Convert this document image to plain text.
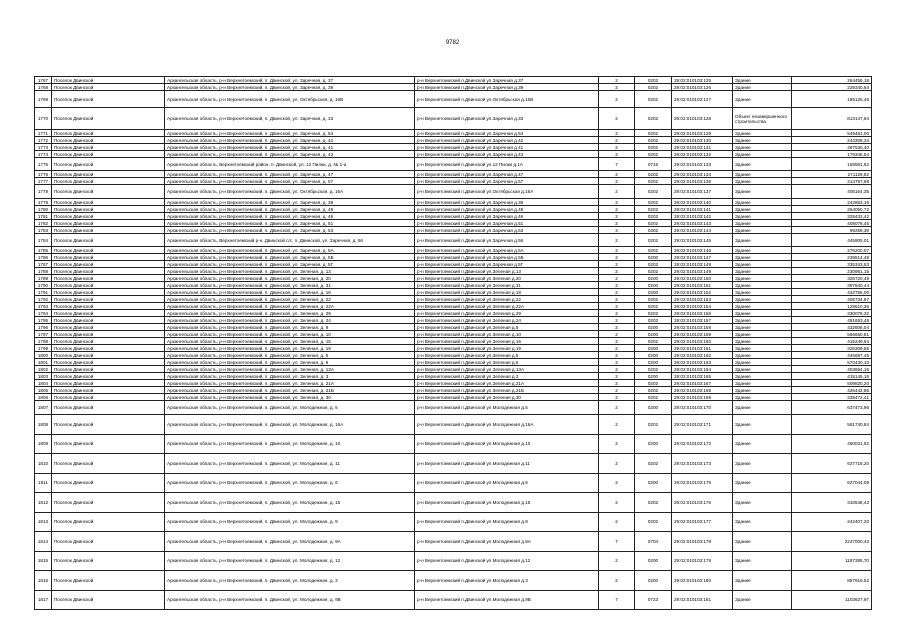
9782
1767	Поселок Двинской	Архангельская область, р-н Верхнетоемский, п. Двинской, ул. Заречная, д. 37	р-н Верхнетоемский п.Двинской ул.Заречная д.37	2	0202	29:02:010103:125	Здание	264455,18
1768	Поселок Двинской	Архангельская область, р-н Верхнетоемский, п. Двинской, ул. Заречная, д. 39	р-н Верхнетоемский п.Двинской ул.Заречная д.39	2	0202	29:02:010103:126	Здание	229340,64
1769	Поселок Двинской	Архангельская область, р-н Верхнетоемский, п. Двинской, ул. Октябрьская, д. 16В	р-н Верхнетоемский п.Двинской ул.Октябрьская д.16В	2	0202	29:02:010103:127	Здание	185125,48
1770	Поселок Двинской	Архангельская область, р-н Верхнетоемский, п. Двинской, ул. Заречная, д. 33	р-н Верхнетоемский п.Двинской ул.Заречная д.33	2	0202	29:02:010103:128	Объект незавершенного строительства	813147,84
1771	Поселок Двинской	Архангельская область, р-н Верхнетоемский, п. Двинской, ул. Заречная, д. 54	р-н Верхнетоемский п.Двинской ул.Заречная д.54	2	0202	29:02:010103:129	Здание	549461,00
1772	Поселок Двинской	Архангельская область, р-н Верхнетоемский, п. Двинской, ул. Заречная, д. 42	р-н Верхнетоемский п.Двинской ул.Заречная д.42	2	0202	29:02:010103:130	Здание	243308,34
1773	Поселок Двинской	Архангельская область, р-н Верхнетоемский, п. Двинской, ул. Заречная, д. 41	р-н Верхнетоемский п.Двинской ул.Заречная д.41	2	0202	29:02:010103:131	Здание	497530,40
1774	Поселок Двинской	Архангельская область, р-н Верхнетоемский, п. Двинской, ул. Заречная, д. 43	р-н Верхнетоемский п.Двинской ул.Заречная д.43	2	0202	29:02:010103:132	Здание	179345,54
1775	Поселок Двинской	Архангельская область, Верхнетоемский район, п. Двинской, ул. 12 Пилки, д. № 1-а	р-н Верхнетоемский п.Двинской ул.12 Пилки д.1А	7	0715	29:02:010103:133	Здание	159581,62
1776	Поселок Двинской	Архангельская область, р-н Верхнетоемский, п. Двинской, ул. Заречная, д. 47	р-н Верхнетоемский п.Двинской ул.Заречная д.47	2	0202	29:02:010103:134	Здание	271129,82
1777	Поселок Двинской	Архангельская область, р-н Верхнетоемский, п. Двинской, ул. Заречная, д. 57	р-н Верхнетоемский п.Двинской ул.Заречная д.57	2	0202	29:02:010103:136	Здание	214787,68
1778	Поселок Двинской	Архангельская область, р-н Верхнетоемский, п. Двинской, ул. Октябрьская, д. 16А	р-н Верхнетоемский п.Двинской ул.Октябрьская д.16А	2	0202	29:02:010103:137	Здание	405164,35
1779	Поселок Двинской	Архангельская область, р-н Верхнетоемский, п. Двинской, ул. Заречная, д. 38	р-н Верхнетоемский п.Двинской ул.Заречная д.38	2	0202	29:02:010103:140	Здание	242863,16
1780	Поселок Двинской	Архангельская область, р-н Верхнетоемский, п. Двинской, ул. Заречная, д. 48	р-н Верхнетоемский п.Двинской ул.Заречная д.48	2	0202	29:02:010103:141	Здание	264050,72
1781	Поселок Двинской	Архангельская область, р-н Верхнетоемский, п. Двинской, ул. Заречная, д. 46	р-н Верхнетоемский п.Двинской ул.Заречная д.46	2	0202	29:02:010103:142	Здание	328433,42
1782	Поселок Двинской	Архангельская область, р-н Верхнетоемский, п. Двинской, ул. Заречная, д. 51	р-н Верхнетоемский п.Двинской ул.Заречная д.51	2	0202	29:02:010103:143	Здание	408078,45
1783	Поселок Двинской	Архангельская область, р-н Верхнетоемский, п. Двинской, ул. Заречная, д. 53	р-н Верхнетоемский п.Двинской ул.Заречная д.53	3	0302	29:02:010103:144	Здание	99259,39
1784	Поселок Двинской	Архангельская область, Верхнетоемский р-н, Двинской с/с, п. Двинской, ул. Заречная, д. 56	р-н Верхнетоемский п.Двинской ул.Заречная д.56	2	0202	29:02:010103:145	Здание	445905,01
1785	Поселок Двинской	Архангельская область, р-н Верхнетоемский, п. Двинской, ул. Заречная, д. 5А	р-н Верхнетоемский п.Двинской ул.Заречная д.5А	2	0202	29:02:010103:146	Здание	276200,07
1786	Поселок Двинской	Архангельская область, р-н Верхнетоемский, п. Двинской, ул. Заречная, д. 5Б	р-н Верхнетоемский п.Двинской ул.Заречная д.5Б	2	0200	29:02:010103:147	Здание	239514,49
1787	Поселок Двинской	Архангельская область, р-н Верхнетоемский, п. Двинской, ул. Заречная, д. 5Г	р-н Верхнетоемский п.Двинской ул.Заречная д.5Г	2	0202	29:02:010103:148	Здание	335343,53
1788	Поселок Двинской	Архангельская область, р-н Верхнетоемский, п. Двинской, ул. Зеленая, д. 13	р-н Верхнетоемский п.Двинской ул.Зеленая д.13	2	0202	29:02:010103:149	Здание	230951,15
1789	Поселок Двинской	Архангельская область, р-н Верхнетоемский, п. Двинской, ул. Зеленая, д. 20	р-н Верхнетоемский п.Двинской ул.Зеленая д.20	2	0200	29:02:010103:150	Здание	326720,49
1790	Поселок Двинской	Архангельская область, р-н Верхнетоемский, п. Двинской, ул. Зеленая, д. 31	р-н Верхнетоемский п.Двинской ул.Зеленая д.31	2	0200	29:02:010103:151	Здание	397840,44
1791	Поселок Двинской	Архангельская область, р-н Верхнетоемский, п. Двинской, ул. Зеленая, д. 18	р-н Верхнетоемский п.Двинской ул.Зеленая д.18	2	0200	29:02:010103:152	Здание	432755,00
1792	Поселок Двинской	Архангельская область, р-н Верхнетоемский, п. Двинской, ул. Зеленая, д. 22	р-н Верхнетоемский п.Двинской ул.Зеленая д.22	2	0202	29:02:010103:153	Здание	405734,87
1793	Поселок Двинской	Архангельская область, р-н Верхнетоемский, п. Двинской, ул. Зеленая, д. 22А	р-н Верхнетоемский п.Двинской ул.Зеленая д.22А	2	0202	29:02:010103:154	Здание	128510,36
1794	Поселок Двинской	Архангельская область, р-н Верхнетоемский, п. Двинской, ул. Зеленая, д. 29	р-н Верхнетоемский п.Двинской ул.Зеленая д.29	2	0202	29:02:010103:156	Здание	330078,32
1795	Поселок Двинской	Архангельская область, р-н Верхнетоемский, п. Двинской, ул. Зеленая, д. 24	р-н Верхнетоемский п.Двинской ул.Зеленая д.24	2	0202	29:02:010103:157	Здание	491653,48
1796	Поселок Двинской	Архангельская область, р-н Верхнетоемский, п. Двинской, ул. Зеленая, д. 9	р-н Верхнетоемский п.Двинской ул.Зеленая д.9	2	0200	29:02:010103:158	Здание	432608,04
1797	Поселок Двинской	Архангельская область, р-н Верхнетоемский, п. Двинской, ул. Зеленая, д. 10	р-н Верхнетоемский п.Двинской ул.Зеленая д.10	2	0200	29:02:010103:159	Здание	566650,81
1798	Поселок Двинской	Архангельская область, р-н Верхнетоемский, п. Двинской, ул. Зеленая, д. 15	р-н Верхнетоемский п.Двинской ул.Зеленая д.15	2	0202	29:02:010103:160	Здание	415249,64
1799	Поселок Двинской	Архангельская область, р-н Верхнетоемский, п. Двинской, ул. Зеленая, д. 19	р-н Верхнетоемский п.Двинской ул.Зеленая д.19	2	0200	29:02:010103:161	Здание	326309,55
1800	Поселок Двинской	Архангельская область, р-н Верхнетоемский, п. Двинской, ул. Зеленая, д. 5	р-н Верхнетоемский п.Двинской ул.Зеленая д.5	2	0200	29:02:010103:162	Здание	445687,45
1801	Поселок Двинской	Архангельская область, р-н Верхнетоемский, п. Двинской, ул. Зеленая, д. 6	р-н Верхнетоемский п.Двинской ул.Зеленая д.6	2	0200	29:02:010103:163	Здание	570430,10
1802	Поселок Двинской	Архангельская область, р-н Верхнетоемский, п. Двинской, ул. Зеленая, д. 13А	р-н Верхнетоемский п.Двинской ул.Зеленая д.13А	2	0202	29:02:010103:164	Здание	403654,16
1803	Поселок Двинской	Архангельская область, р-н Верхнетоемский, п. Двинской, ул. Зеленая, д. 3	р-н Верхнетоемский п.Двинской ул.Зеленая д.3	2	0200	29:02:010103:165	Здание	415145,15
1804	Поселок Двинской	Архангельская область, р-н Верхнетоемский, п. Двинской, ул. Зеленая, д. 21А	р-н Верхнетоемский п.Двинской ул.Зеленая д.21А	2	0202	29:02:010103:167	Здание	509820,20
1805	Поселок Двинской	Архангельская область, р-н Верхнетоемский, п. Двинской, ул. Зеленая, д. 21Б	р-н Верхнетоемский п.Двинской ул.Зеленая д.21Б	2	0202	29:02:010103:168	Здание	426442,85
1806	Поселок Двинской	Архангельская область, р-н Верхнетоемский, п. Двинской, ул. Зеленая, д. 30	р-н Верхнетоемский п.Двинской ул.Зеленая д.30	2	0202	29:02:010103:169	Здание	338472,41
1807	Поселок Двинской	Архангельская область, р-н Верхнетоемский, п. Двинской, ул. Молодежная, д. 5	р-н Верхнетоемский п.Двинской ул.Молодежная д.5	2	0200	29:02:010103:170	Здание	637473,96
1808	Поселок Двинской	Архангельская область, р-н Верхнетоемский, п. Двинской, ул. Молодежная, д. 16А	р-н Верхнетоемский п.Двинской ул.Молодежная д.16А	2	0202	29:02:010103:171	Здание	581740,84
1809	Поселок Двинской	Архангельская область, р-н Верхнетоемский, п. Двинской, ул. Молодежная, д. 10	р-н Верхнетоемский п.Двинской ул.Молодежная д.10	2	0200	29:02:010103:172	Здание	450031,82
1810	Поселок Двинской	Архангельская область, р-н Верхнетоемский, п. Двинской, ул. Молодежная, д. 11	р-н Верхнетоемский п.Двинской ул.Молодежная д.11	2	0202	29:02:010103:173	Здание	627718,20
1811	Поселок Двинской	Архангельская область, р-н Верхнетоемский, п. Двинской, ул. Молодежная, д. 6	р-н Верхнетоемский п.Двинской ул.Молодежная д.6	2	0200	29:02:010103:175	Здание	627044,09
1812	Поселок Двинской	Архангельская область, р-н Верхнетоемский, п. Двинской, ул. Молодежная, д. 15	р-н Верхнетоемский п.Двинской ул.Молодежная д.15	2	0202	29:02:010103:176	Здание	310548,43
1813	Поселок Двинской	Архангельская область, р-н Верхнетоемский, п. Двинской, ул. Молодежная, д. 9	р-н Верхнетоемский п.Двинской ул.Молодежная д.9	2	0202	29:02:010103:177	Здание	242407,20
1814	Поселок Двинской	Архангельская область, р-н Верхнетоемский, п. Двинской, ул. Молодежная, д. 9А	р-н Верхнетоемский п.Двинской ул.Молодежная д.9А	7	0704	29:02:010103:178	Здание	2247000,43
1815	Поселок Двинской	Архангельская область, р-н Верхнетоемский, п. Двинской, ул. Молодежная, д. 12	р-н Верхнетоемский п.Двинской ул.Молодежная д.12	2	0200	29:02:010103:179	Здание	1187385,70
1816	Поселок Двинской	Архангельская область, р-н Верхнетоемский, п. Двинской, ул. Молодежная, д. 3	р-н Верхнетоемский п.Двинской ул.Молодежная д.3	2	0200	29:02:010103:180	Здание	857916,52
1817	Поселок Двинской	Архангельская область, р-н Верхнетоемский, п. Двинской, ул. Молодежная, д. 9В	р-н Верхнетоемский п.Двинской ул.Молодежная д.9В	7	0723	29:02:010103:181	Здание	1103627,97
